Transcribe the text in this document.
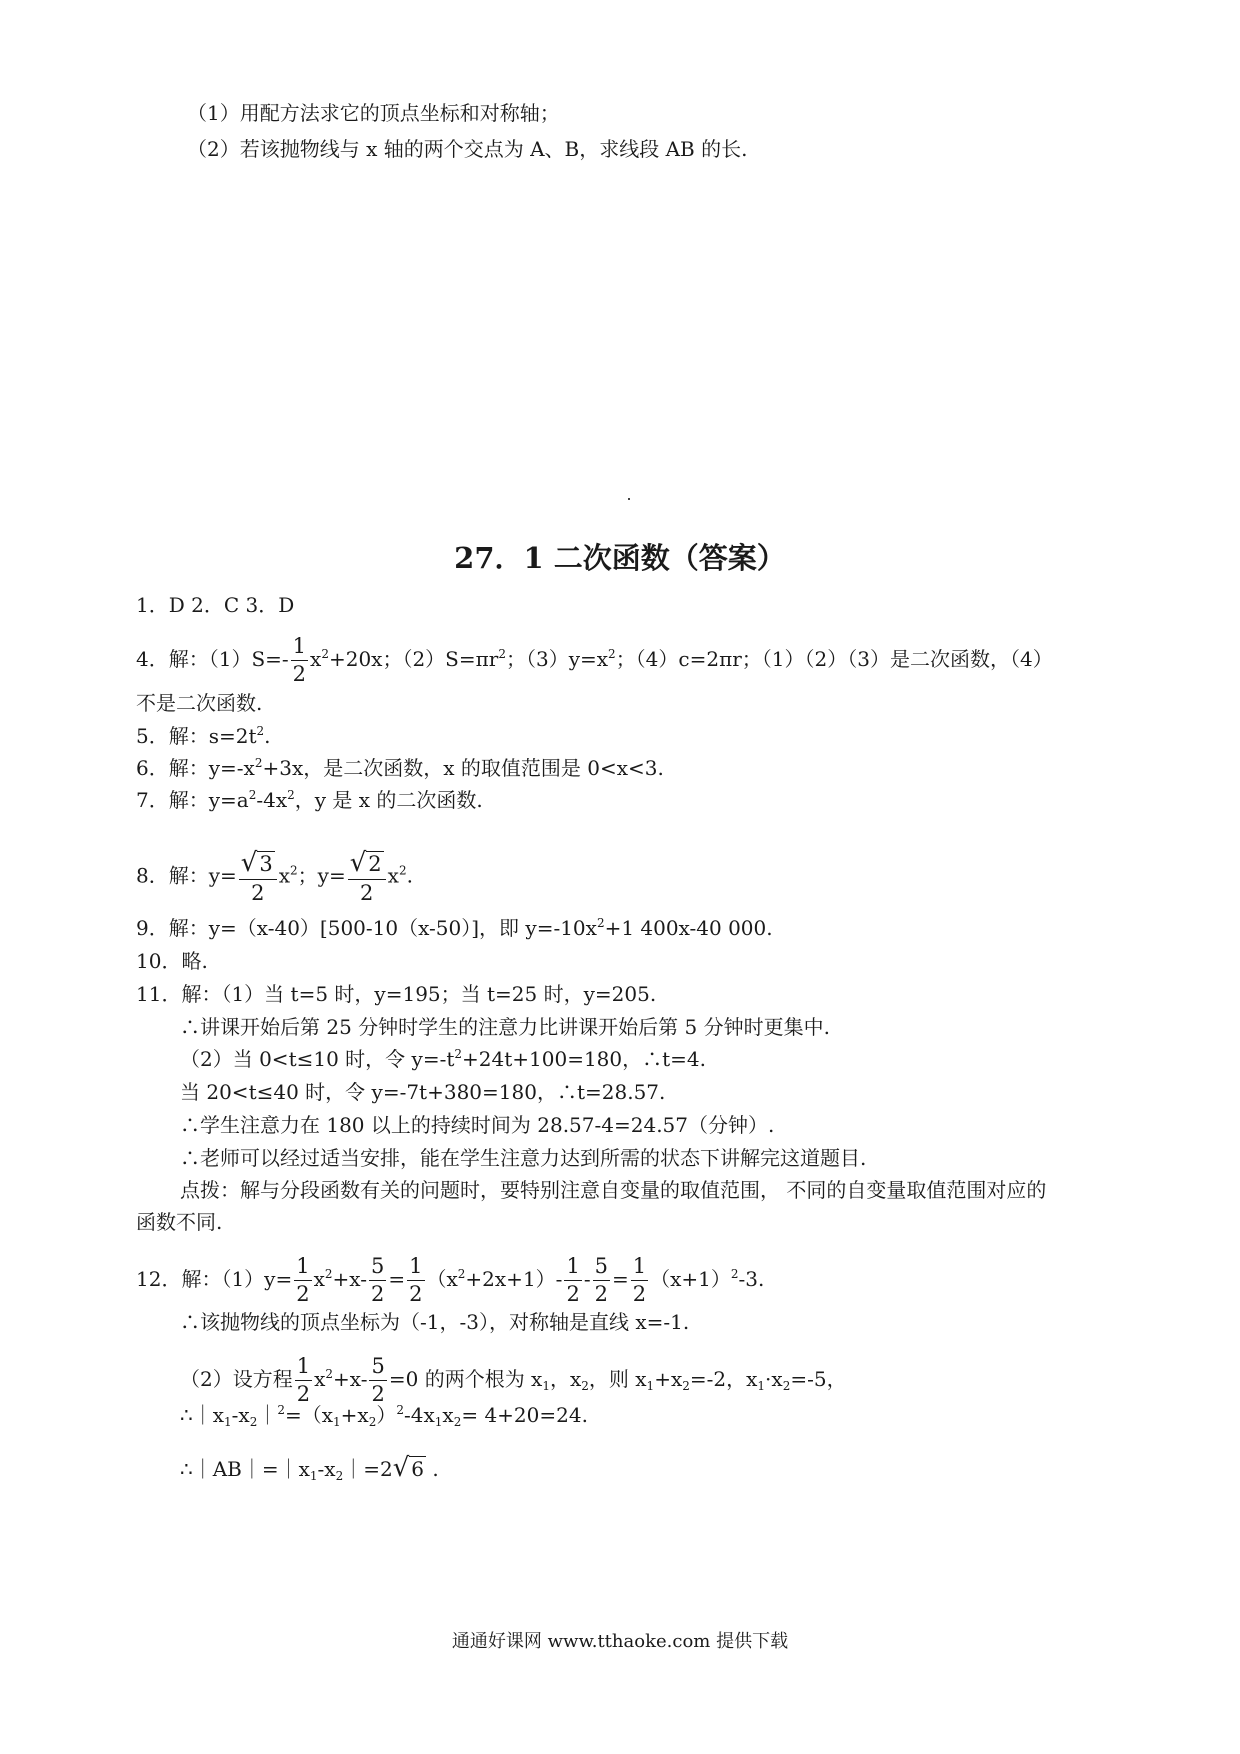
（1）用配方法求它的顶点坐标和对称轴；
（2）若该抛物线与 x 轴的两个交点为 A、B，求线段 AB 的长.
27．1 二次函数（答案）
1．D 2．C 3．D
4．解：$(1)S=- \frac{1}{2} x^2+20x$；$(2)S=\pi r^2$；$(3)y=x^2$；（4）c=2πr；（1）（2）（3）是二次函数，（4）
不是二次函数.
5．解：$s=2t^2$.
6．解：$y=-x^2+3x$，是二次函数，x 的取值范围是 0<x<3.
7．解：$y=a^2-4x^2$，y 是 x 的二次函数.
8．解：$y= \frac{√3}{2} x^2$；$y= \frac{√2}{2} x^2$.
9．解：y=（x-40）[500-10（x-50）]，即 $y=-10x^2+1$ 400x-40 000.
10．略.
11．解：（1）当 t=5 时，y=195；当 t=25 时，y=205.
∴讲课开始后第 25 分钟时学生的注意力比讲课开始后第 5 分钟时更集中.
（2）当 0<t≤10 时，令 $y=-t^2+24t+100=180$，∴t=4.
当 20<t≤40 时，令 y=-7t+380=180，∴t=28.57.
∴学生注意力在 180 以上的持续时间为 28.57-4=24.57（分钟）.
∴老师可以经过适当安排，能在学生注意力达到所需的状态下讲解完这道题目.
点拨：解与分段函数有关的问题时，要特别注意自变量的取值范围， 不同的自变量取值范围对应的
函数不同.
12．解：$(1)y= \frac{1}{2} x^2+x- \frac{5}{2} = \frac{1}{2} (x^2+2x+1)- \frac{1}{2} - \frac{5}{2} = \frac{1}{2} (x+1)^2-3$.
∴该抛物线的顶点坐标为（-1，-3），对称轴是直线 x=-1.
（2）设方程 $\frac{1}{2} x^2+x- \frac{5}{2} =0$ 的两个根为 $x_1$，$x_2$，则 $x_1+x_2=-2$，$x_1\cdot x_2=-5$，
$\therefore|x_1-x_2|^2=(x_1+x_2)^2-4x_1x_2= 4+20=24$.
$\therefore|AB|=|x_1-x_2|=2√$ 6 .
通通好课网 www.tthaoke.com 提供下载
